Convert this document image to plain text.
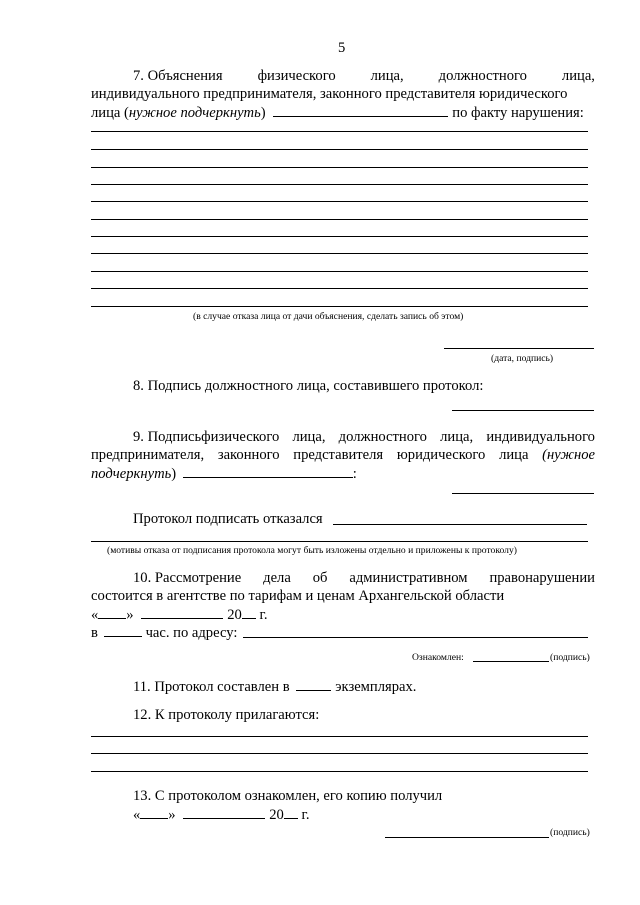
5
7. Объяснения физического лица, должностного лица,
индивидуального предпринимателя, законного представителя юридического
лица (нужное подчеркнуть)	по факту нарушения:
(в случае отказа лица от дачи объяснения, сделать запись об этом)
(дата, подпись)
8. Подпись должностного лица, составившего протокол:
9. Подписьфизического лица, должностного лица, индивидуального
предпринимателя, законного представителя юридического лица (нужное
подчеркнуть)	:
Протокол подписать отказался
(мотивы отказа от подписания протокола могут быть изложены отдельно и приложены к протоколу)
10. Рассмотрение дела об административном правонарушении
состоится в агентстве по тарифам и ценам Архангельской области
« »	20 г.
в	час. по адресу:
Ознакомлен:	(подпись)
11. Протокол составлен в	экземплярах.
12. К протоколу прилагаются:
13. С протоколом ознакомлен, его копию получил
« »	20 г.
(подпись)
